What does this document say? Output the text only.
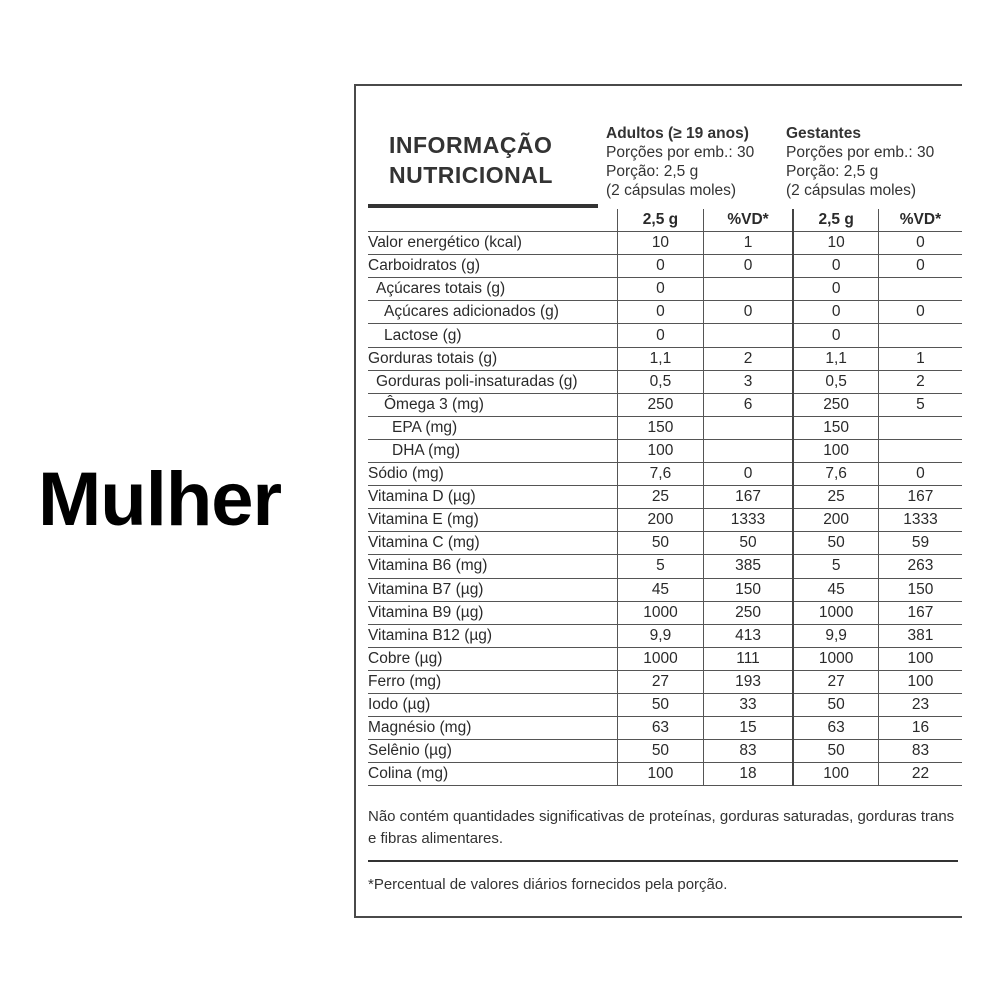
Mulher
INFORMAÇÃO
NUTRICIONAL
Adultos (≥ 19 anos)
Porções por emb.: 30
Porção: 2,5 g
(2 cápsulas moles)
Gestantes
Porções por emb.: 30
Porção: 2,5 g
(2 cápsulas moles)
	2,5 g	%VD*	2,5 g	%VD*
Valor energético (kcal)	10	1	10	0
Carboidratos (g)	0	0	0	0
Açúcares totais (g)	0		0	
Açúcares adicionados (g)	0	0	0	0
Lactose (g)	0		0	
Gorduras totais (g)	1,1	2	1,1	1
Gorduras poli-insaturadas (g)	0,5	3	0,5	2
Ômega 3 (mg)	250	6	250	5
EPA (mg)	150		150	
DHA (mg)	100		100	
Sódio (mg)	7,6	0	7,6	0
Vitamina D (µg)	25	167	25	167
Vitamina E (mg)	200	1333	200	1333
Vitamina C (mg)	50	50	50	59
Vitamina B6 (mg)	5	385	5	263
Vitamina B7 (µg)	45	150	45	150
Vitamina B9 (µg)	1000	250	1000	167
Vitamina B12 (µg)	9,9	413	9,9	381
Cobre (µg)	1000	111	1000	100
Ferro (mg)	27	193	27	100
Iodo (µg)	50	33	50	23
Magnésio (mg)	63	15	63	16
Selênio (µg)	50	83	50	83
Colina (mg)	100	18	100	22
Não contém quantidades significativas de proteínas, gorduras saturadas, gorduras trans e fibras alimentares.
*Percentual de valores diários fornecidos pela porção.
